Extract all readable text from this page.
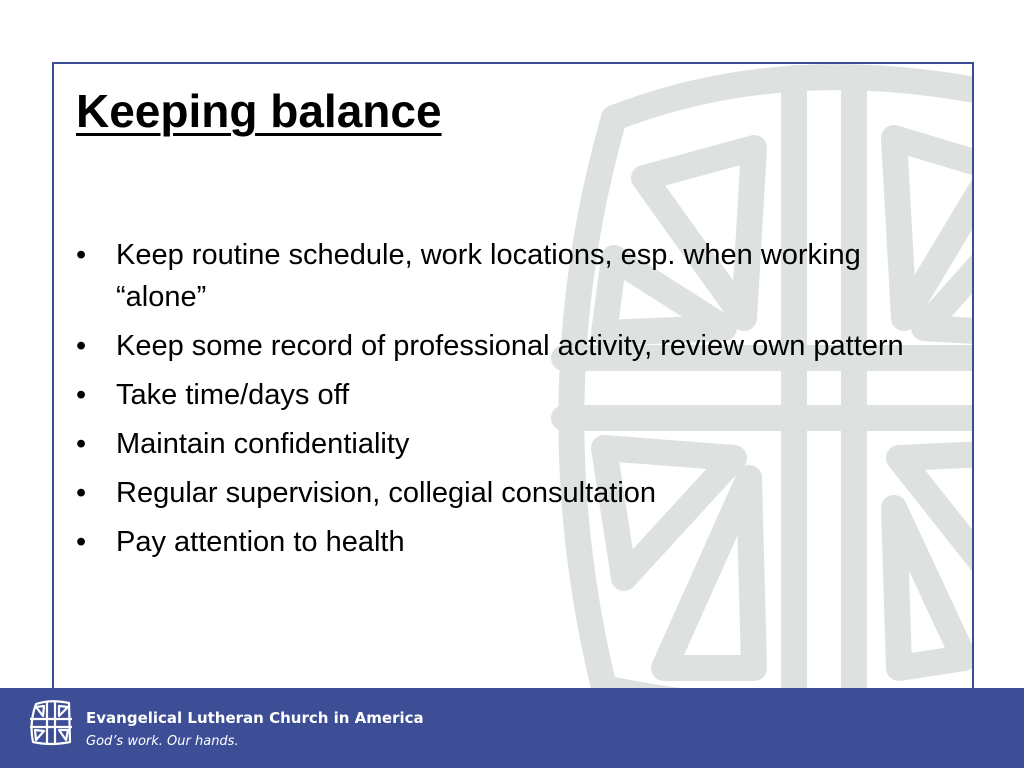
Keeping balance
•	Keep routine schedule, work locations, esp. when working “alone”
•	Keep some record of professional activity, review own pattern
•	Take time/days off
•	Maintain confidentiality
•	Regular supervision, collegial consultation
•	Pay attention to health
Evangelical Lutheran Church in America
God’s work. Our hands.
